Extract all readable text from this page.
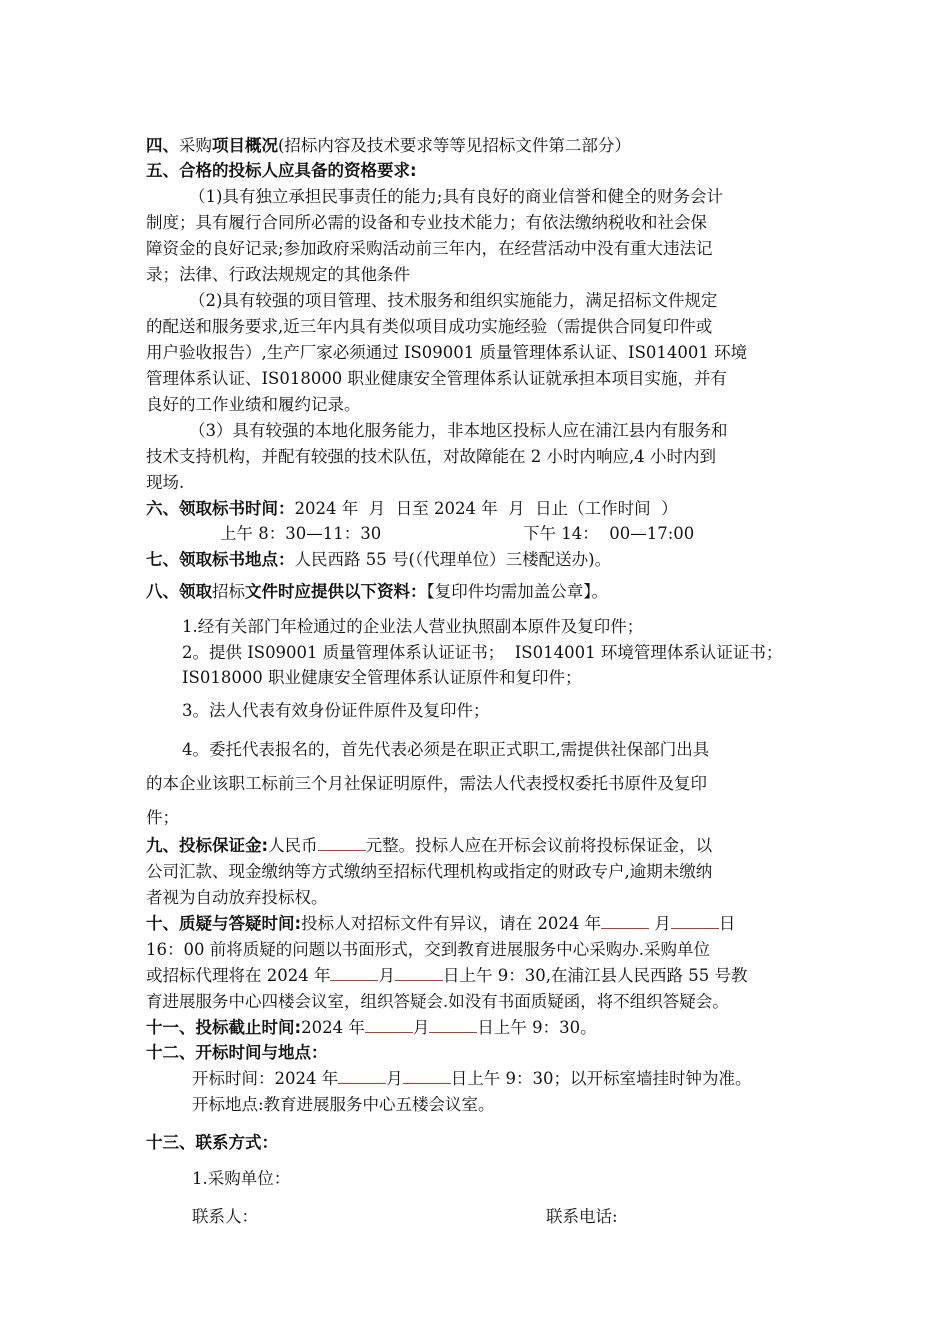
四、采购项目概况(招标内容及技术要求等等见招标文件第二部分）
五、合格的投标人应具备的资格要求:
（1)具有独立承担民事责任的能力;具有良好的商业信誉和健全的财务会计
制度；具有履行合同所必需的设备和专业技术能力；有依法缴纳税收和社会保
障资金的良好记录;参加政府采购活动前三年内，在经营活动中没有重大违法记
录；法律、行政法规规定的其他条件
（2)具有较强的项目管理、技术服务和组织实施能力，满足招标文件规定
的配送和服务要求,近三年内具有类似项目成功实施经验（需提供合同复印件或
用户验收报告）,生产厂家必须通过 IS09001 质量管理体系认证、IS014001 环境
管理体系认证、IS018000 职业健康安全管理体系认证就承担本项目实施，并有
良好的工作业绩和履约记录。
（3）具有较强的本地化服务能力，非本地区投标人应在浦江县内有服务和
技术支持机构，并配有较强的技术队伍，对故障能在 2 小时内响应,4 小时内到
现场.
六、领取标书时间：2024 年  月  日至 2024 年  月  日止（工作时间  ）
上午 8：30—11：30	下午 14：  00—17:00
七、领取标书地点：人民西路 55 号(（代理单位）三楼配送办)。
八、领取招标文件时应提供以下资料：【复印件均需加盖公章】。
1.经有关部门年检通过的企业法人营业执照副本原件及复印件；
2。提供 IS09001 质量管理体系认证证书；  IS014001 环境管理体系认证证书；
IS018000 职业健康安全管理体系认证原件和复印件；
3。法人代表有效身份证件原件及复印件；
4。委托代表报名的，首先代表必须是在职正式职工,需提供社保部门出具
的本企业该职工标前三个月社保证明原件，需法人代表授权委托书原件及复印
件；
九、投标保证金:人民币	元整。投标人应在开标会议前将投标保证金，以
公司汇款、现金缴纳等方式缴纳至招标代理机构或指定的财政专户,逾期未缴纳
者视为自动放弃投标权。
十、质疑与答疑时间:投标人对招标文件有异议，请在 2024 年	月	日
16：00 前将质疑的问题以书面形式，交到教育进展服务中心采购办.采购单位
或招标代理将在 2024 年	月	日上午 9：30,在浦江县人民西路 55 号教
育进展服务中心四楼会议室，组织答疑会.如没有书面质疑函，将不组织答疑会。
十一、投标截止时间:2024 年	月	日上午 9：30。
十二、开标时间与地点：
开标时间：2024 年	月	日上午 9：30；以开标室墙挂时钟为准。
开标地点:教育进展服务中心五楼会议室。
十三、联系方式：
1.采购单位：
联系人：	联系电话:
